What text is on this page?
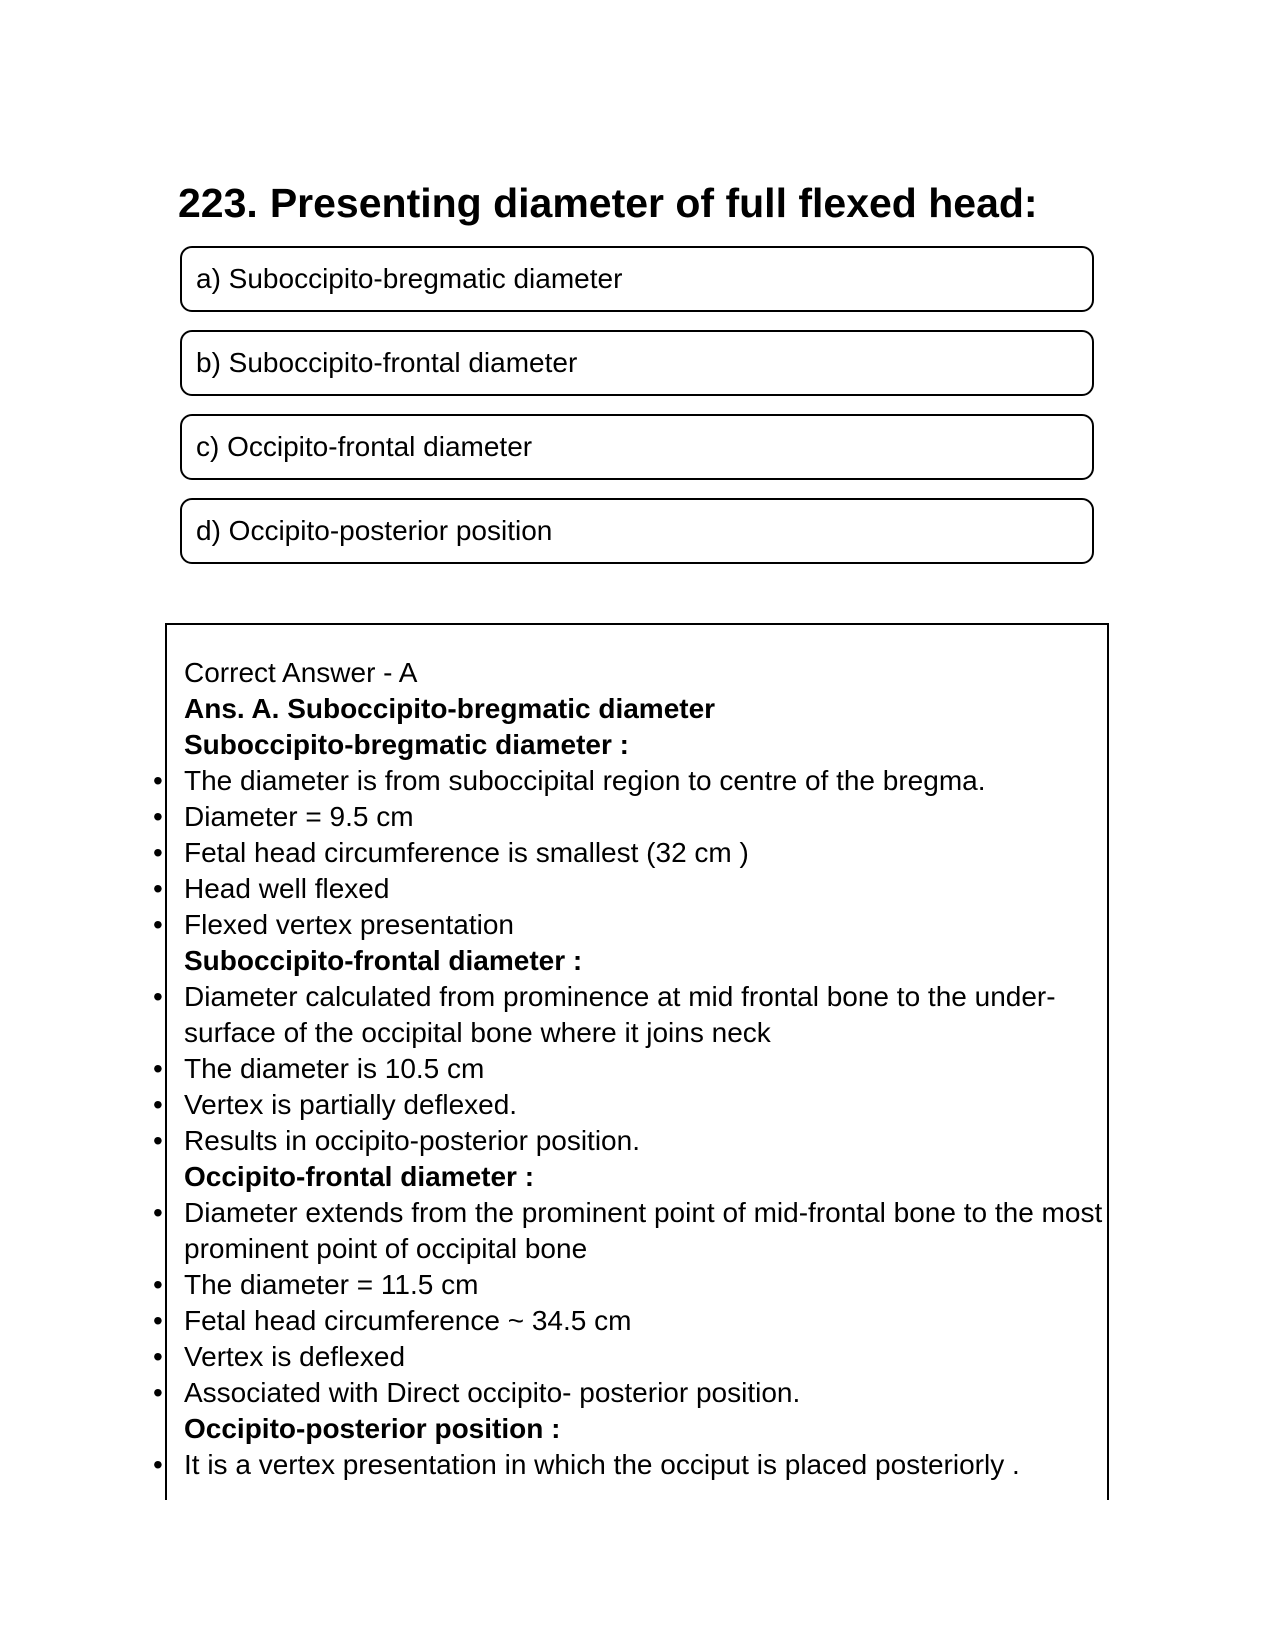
223. Presenting diameter of full flexed head:
a) Suboccipito-bregmatic diameter
b) Suboccipito-frontal diameter
c) Occipito-frontal diameter
d) Occipito-posterior position

Correct Answer - A

Ans. A. Suboccipito-bregmatic diameter

Suboccipito-bregmatic diameter :

• The diameter is from suboccipital region to centre of the bregma.

• Diameter = 9.5 cm

• Fetal head circumference is smallest (32 cm )

• Head well flexed

• Flexed vertex presentation

Suboccipito-frontal diameter :

• Diameter calculated from prominence at mid frontal bone to the under-surface of the occipital bone where it joins neck

• The diameter is 10.5 cm

• Vertex is partially deflexed.

• Results in occipito-posterior position.

Occipito-frontal diameter :

• Diameter extends from the prominent point of mid-frontal bone to the most prominent point of occipital bone

• The diameter = 11.5 cm

• Fetal head circumference ~ 34.5 cm

• Vertex is deflexed

• Associated with Direct occipito- posterior position.

Occipito-posterior position :

• It is a vertex presentation in which the occiput is placed posteriorly .
